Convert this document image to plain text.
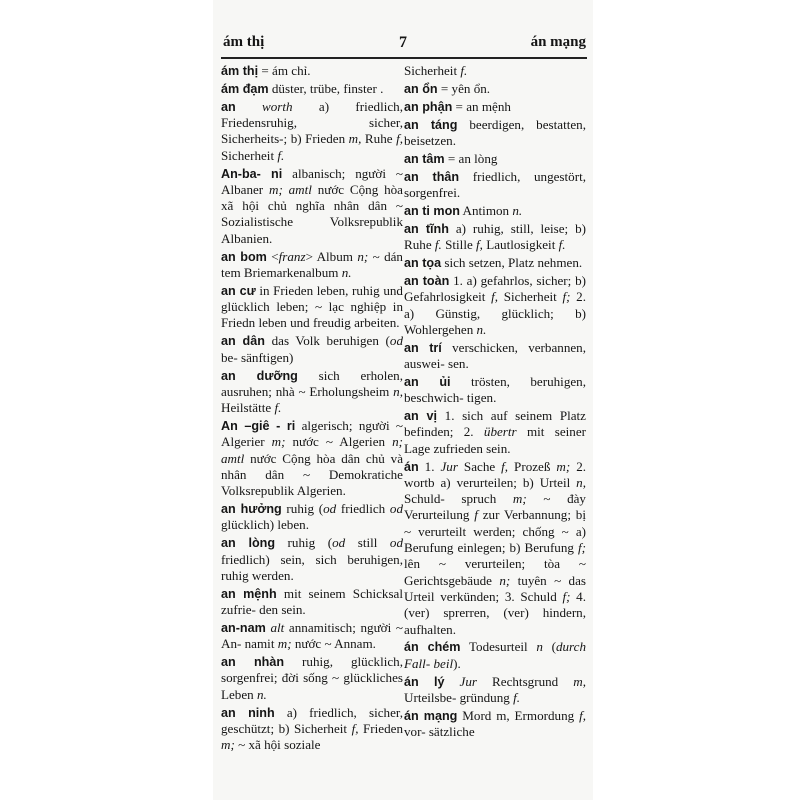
ám thị	7	án mạng
ám thị = ám chỉ.
ám đạm düster, trübe, finster .
an worth a) friedlich, Friedensruhig, sicher, Sicherheits-; b) Frieden m, Ruhe f, Sicherheit f.
An-ba- ni albanisch; người ~ Albaner m; amtl nước Cộng hòa xã hội chủ nghĩa nhân dân ~ Sozialistische Volksrepublik Albanien.
an bom <franz> Album n; ~ dán tem Briemarkenalbum n.
an cư in Frieden leben, ruhig und glücklich leben; ~ lạc nghiệp in Friedn leben und freudig arbeiten.
an dân das Volk beruhigen (od be- sänftigen)
an dưỡng sich erholen, ausruhen; nhà ~ Erholungsheim n, Heilstätte f.
An –giê - ri algerisch; người ~ Algerier m; nước ~ Algerien n; amtl nước Cộng hòa dân chủ và nhân dân ~ Demokratiche Volksrepublik Algerien.
an hưởng ruhig (od friedlich od glücklich) leben.
an lòng ruhig (od still od friedlich) sein, sich beruhigen, ruhig werden.
an mệnh mit seinem Schicksal zufrie- den sein.
an-nam alt annamitisch; người ~ An- namit m; nước ~ Annam.
an nhàn ruhig, glücklich, sorgenfrei; đời sống ~ glückliches Leben n.
an ninh a) friedlich, sicher, geschützt; b) Sicherheit f, Frieden m; ~ xã hội soziale
Sicherheit f.
an ổn = yên ổn.
an phận = an mệnh
an táng beerdigen, bestatten, beisetzen.
an tâm = an lòng
an thân friedlich, ungestört, sorgenfrei.
an ti mon Antimon n.
an tĩnh a) ruhig, still, leise; b) Ruhe f. Stille f, Lautlosigkeit f.
an tọa sich setzen, Platz nehmen.
an toàn 1. a) gefahrlos, sicher; b) Gefahrlosigkeit f, Sicherheit f; 2. a) Günstig, glücklich; b) Wohlergehen n.
an trí verschicken, verbannen, auswei- sen.
an ủi trösten, beruhigen, beschwich- tigen.
an vị 1. sich auf seinem Platz befinden; 2. übertr mit seiner Lage zufrieden sein.
án 1. Jur Sache f, Prozeß m; 2. wortb a) verurteilen; b) Urteil n, Schuld- spruch m; ~ đày Verurteilung f zur Verbannung; bị ~ verurteilt werden; chống ~ a) Berufung einlegen; b) Berufung f; lên ~ verurteilen; tòa ~ Gerichtsgebäude n; tuyên ~ das Urteil verkünden; 3. Schuld f; 4. (ver) sprerren, (ver) hindern, aufhalten.
án chém Todesurteil n (durch Fall- beil).
án lý Jur Rechtsgrund m, Urteilsbe- gründung f.
án mạng Mord m, Ermordung f, vor- sätzliche
